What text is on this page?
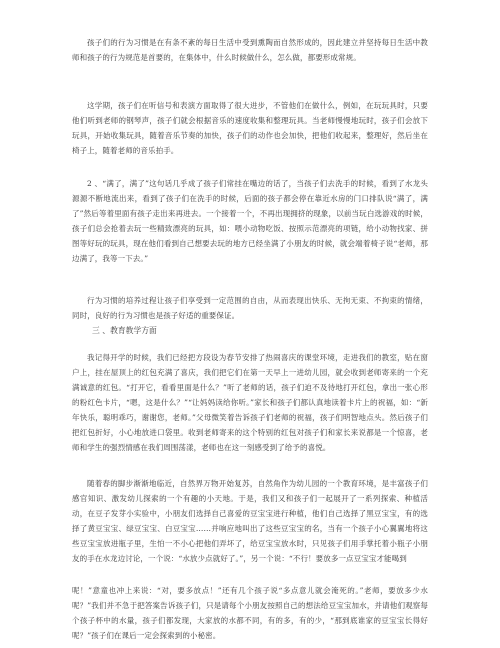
孩子们的行为习惯是在有条不紊的每日生活中受到熏陶而自然形成的，因此建立并坚持每日生活中教师和孩子的行为规范是首要的，在集体中，什么时候做什么，怎么做，都要形成常规。

这学期，孩子们在听信号和表演方面取得了很大进步，不管他们在做什么，例如，在玩玩具时，只要他们听到老师的钢琴声，孩子们就会根据音乐的速度收集和整理玩具。当老师慢慢地玩时，孩子们会放下玩具，开始收集玩具，随着音乐节奏的加快，孩子们的动作也会加快，把他们收起来，整理好，然后坐在椅子上，随着老师的音乐拍手。

2 、“满了，满了”这句话几乎成了孩子们常挂在嘴边的话了，当孩子们去洗手的时候，看到了水龙头源源不断地流出来，看到了孩子们在洗手的时候，后面的孩子都会停在靠近水房的门口排队说“满了，满了”然后等着里面有孩子走出来再进去。一个接着一个，不再出现拥挤的现象，以前当玩白选游戏的时候，孩子们总会抢着去玩一些精致漂亮的玩具，如：喂小动物吃饭、按照示范漂亮的项链，给小动物找家、拼图等好玩的玩具，现在他们看到自己想要去玩的地方已经坐满了小朋友的时候，就会端着椅子说“老师，那边满了，我等一下去。”

行为习惯的培养过程让孩子们享受到一定范围的自由，从而表现出快乐、无拘无束、不拘束的情绪，同时，良好的行为习惯也是孩子好适的重要保证。

三 、教育教学方面

我记得开学的时候，我们已经把方段设为春节安排了热闹喜庆的课堂环境，走进我们的教室，贴在窗户上，挂在屋顶上的红包充满了喜庆，我们把它们在第一天早上一进幼儿园，就会收到老师寄来的一个充满诚意的红包。“打开它，看看里面是什么？”听了老师的话，孩子们迫不及待地打开红包，拿出一张心形的粉红色卡片，“嗯，这是什么？”“让妈妈读给你听。”家长和孩子们都认真地读着卡片上的祝福，如：“新年快乐，聪明乖巧，谢谢您，老师。”父母微笑着告诉孩子们老师的祝福，孩子们明智地点头。然后孩子们把红包折好，小心地放进口袋里。收到老师寄来的这个特别的红包对孩子们和家长来说都是一个惊喜，老师和学生的强烈情感在我们周围荡漾，老师也在这一刻感受到了给予的喜悦。

随着春的脚步渐渐地临近，自然界万物开始复苏，自然角作为幼儿园的一个教育环境，是丰富孩子们感官知识、激发幼儿探索的一个有趣的小天地。于是，我们又和孩子们一起展开了一系列探索、种植活动，在豆子发芽小实验中，小朋友们选择自己喜爱的豆宝宝进行种植，他们自己选择了黑豆宝宝，有的选择了黄豆宝宝、绿豆宝宝、白豆宝宝……并响应地叫出了这些豆宝宝的名，当有一个孩子小心翼翼地将这些豆宝宝放进瓶子里，生怕一不小心把他们弄坏了，给豆宝宝放水时，只见孩子们用手掌托着小瓶子小朋友的手在水龙边讨论，一个说：“水放少点就好了。”，另一个说：“不行！要放多一点豆宝宝才能喝到

呢！”意童也冲上来说：“对，要多放点！”还有几个孩子说“多点意儿就会淹死的。”老师，要放多少水呢？”我们并不急于把答案告诉孩子们，只是请每个小朋友按照自己的想法给豆宝宝加水，并请他们观察每个孩子杯中的水量，孩子们都发现，大家放的水都不同，有的多，有的少，“那到底谁家的豆宝宝长得好呢？”孩子们在课后一定会探索到的小秘密。
